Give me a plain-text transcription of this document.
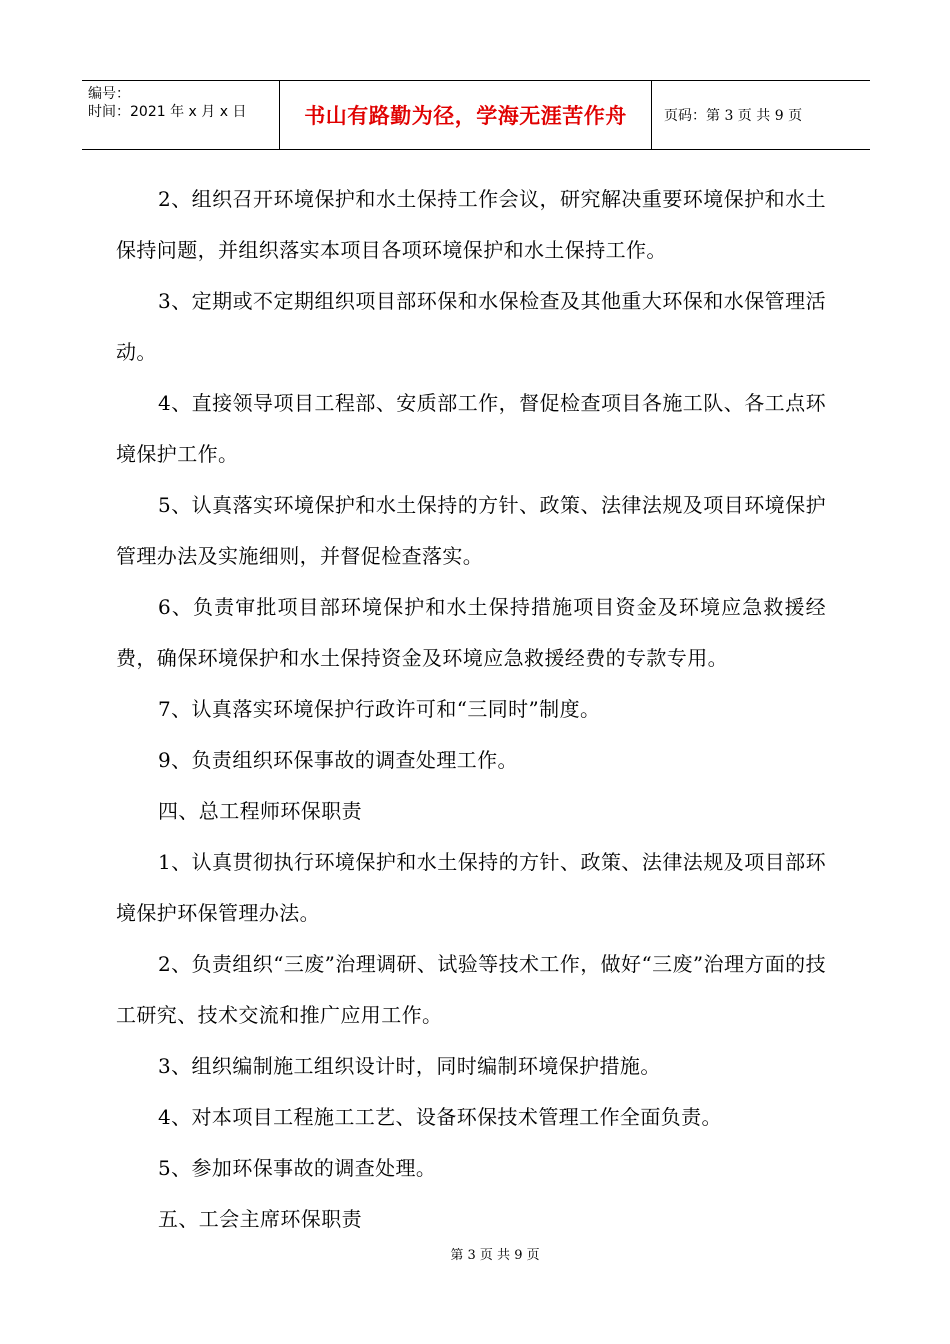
编号：
时间：2021 年 x 月 x 日	书山有路勤为径，学海无涯苦作舟	页码：第 3 页 共 9 页

2、组织召开环境保护和水土保持工作会议，研究解决重要环境保护和水土保持问题，并组织落实本项目各项环境保护和水土保持工作。

3、定期或不定期组织项目部环保和水保检查及其他重大环保和水保管理活动。

4、直接领导项目工程部、安质部工作，督促检查项目各施工队、各工点环境保护工作。

5、认真落实环境保护和水土保持的方针、政策、法律法规及项目环境保护管理办法及实施细则，并督促检查落实。

6、负责审批项目部环境保护和水土保持措施项目资金及环境应急救援经费，确保环境保护和水土保持资金及环境应急救援经费的专款专用。

7、认真落实环境保护行政许可和“三同时”制度。

9、负责组织环保事故的调查处理工作。

四、总工程师环保职责

1、认真贯彻执行环境保护和水土保持的方针、政策、法律法规及项目部环境保护环保管理办法。

2、负责组织“三废”治理调研、试验等技术工作，做好“三废”治理方面的技工研究、技术交流和推广应用工作。

3、组织编制施工组织设计时，同时编制环境保护措施。

4、对本项目工程施工工艺、设备环保技术管理工作全面负责。

5、参加环保事故的调查处理。

五、工会主席环保职责

第 3 页 共 9 页
